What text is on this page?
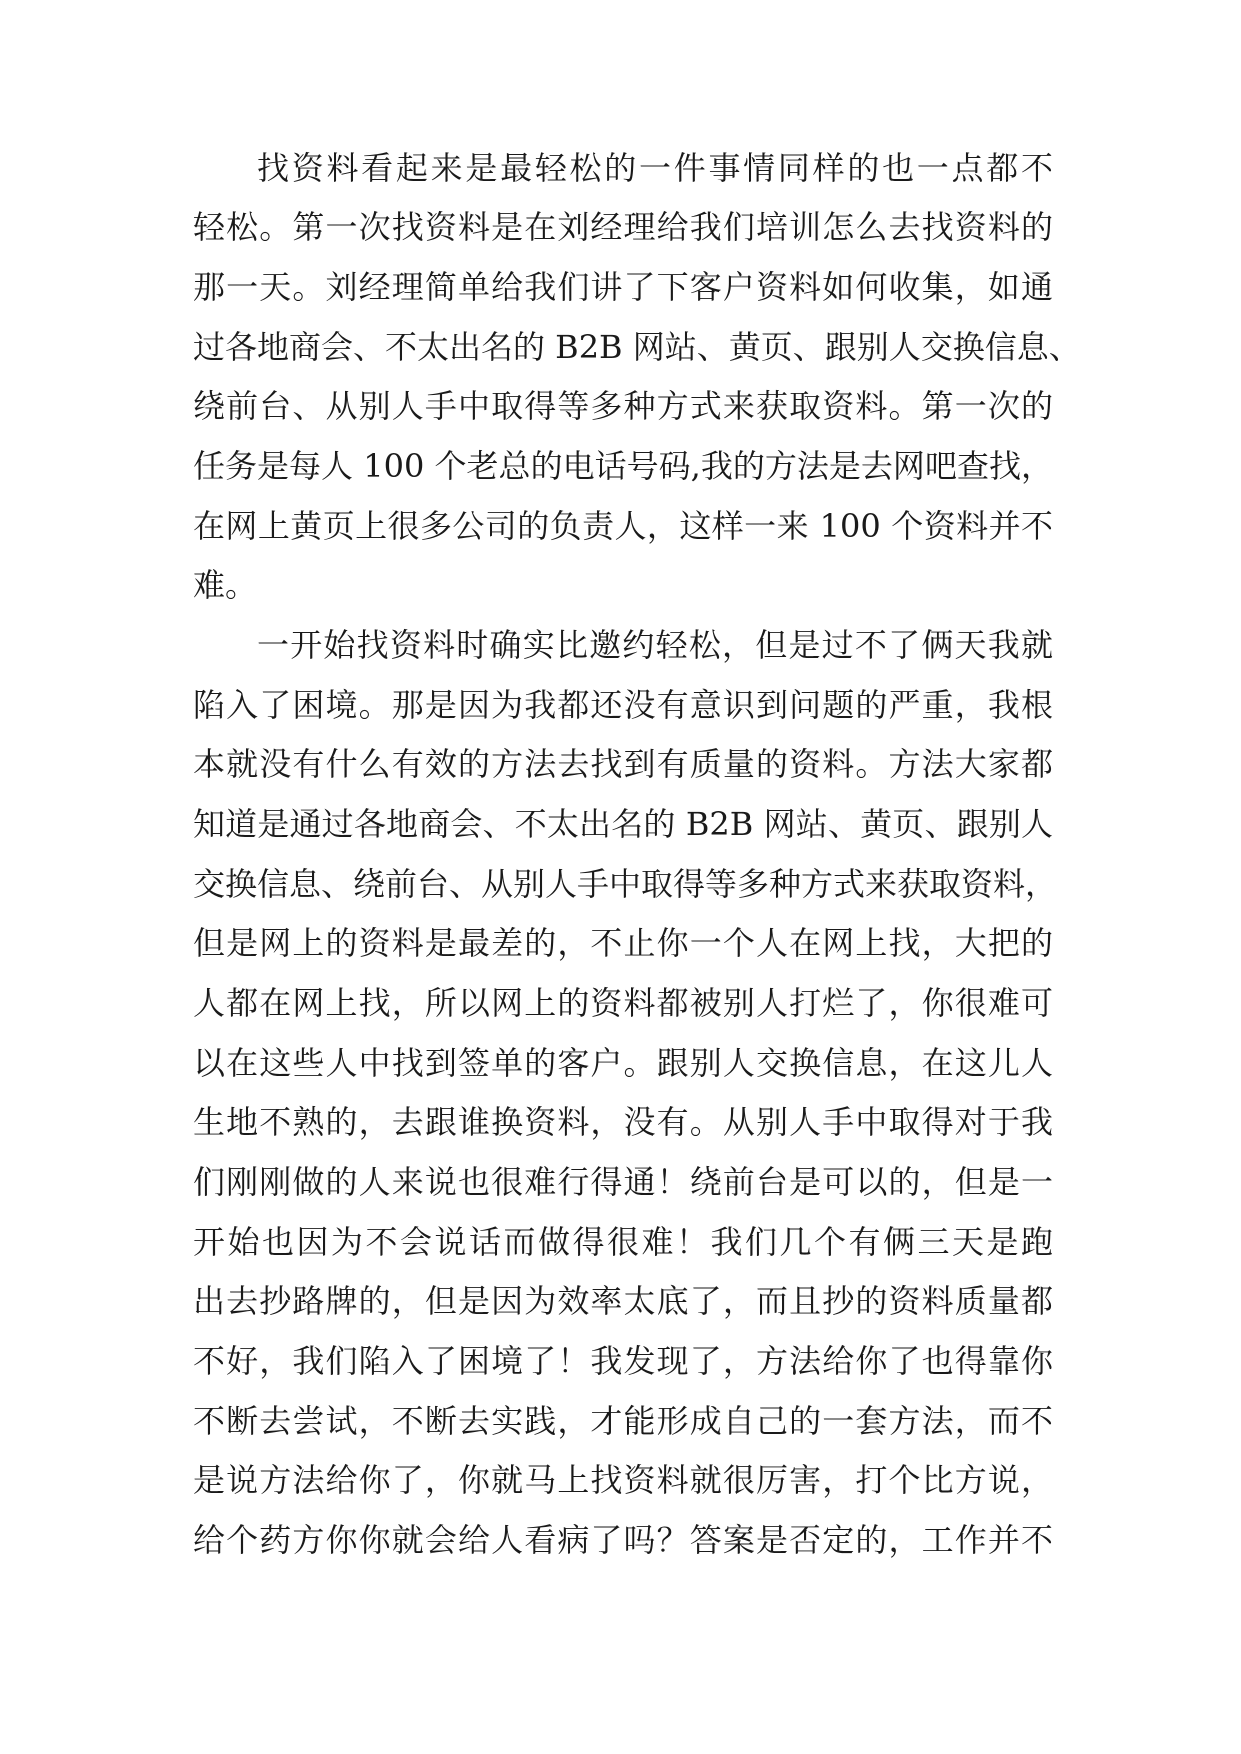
找资料看起来是最轻松的一件事情同样的也一点都不
轻松。第一次找资料是在刘经理给我们培训怎么去找资料的
那一天。刘经理简单给我们讲了下客户资料如何收集，如通
过各地商会、不太出名的 B2B 网站、黄页、跟别人交换信息、
绕前台、从别人手中取得等多种方式来获取资料。第一次的
任务是每人 100 个老总的电话号码,我的方法是去网吧查找，
在网上黄页上很多公司的负责人，这样一来 100 个资料并不
难。
一开始找资料时确实比邀约轻松，但是过不了俩天我就
陷入了困境。那是因为我都还没有意识到问题的严重，我根
本就没有什么有效的方法去找到有质量的资料。方法大家都
知道是通过各地商会、不太出名的 B2B 网站、黄页、跟别人
交换信息、绕前台、从别人手中取得等多种方式来获取资料，
但是网上的资料是最差的，不止你一个人在网上找，大把的
人都在网上找，所以网上的资料都被别人打烂了，你很难可
以在这些人中找到签单的客户。跟别人交换信息，在这儿人
生地不熟的，去跟谁换资料，没有。从别人手中取得对于我
们刚刚做的人来说也很难行得通！绕前台是可以的，但是一
开始也因为不会说话而做得很难！我们几个有俩三天是跑
出去抄路牌的，但是因为效率太底了，而且抄的资料质量都
不好，我们陷入了困境了！我发现了，方法给你了也得靠你
不断去尝试，不断去实践，才能形成自己的一套方法，而不
是说方法给你了，你就马上找资料就很厉害，打个比方说，
给个药方你你就会给人看病了吗？答案是否定的，工作并不
